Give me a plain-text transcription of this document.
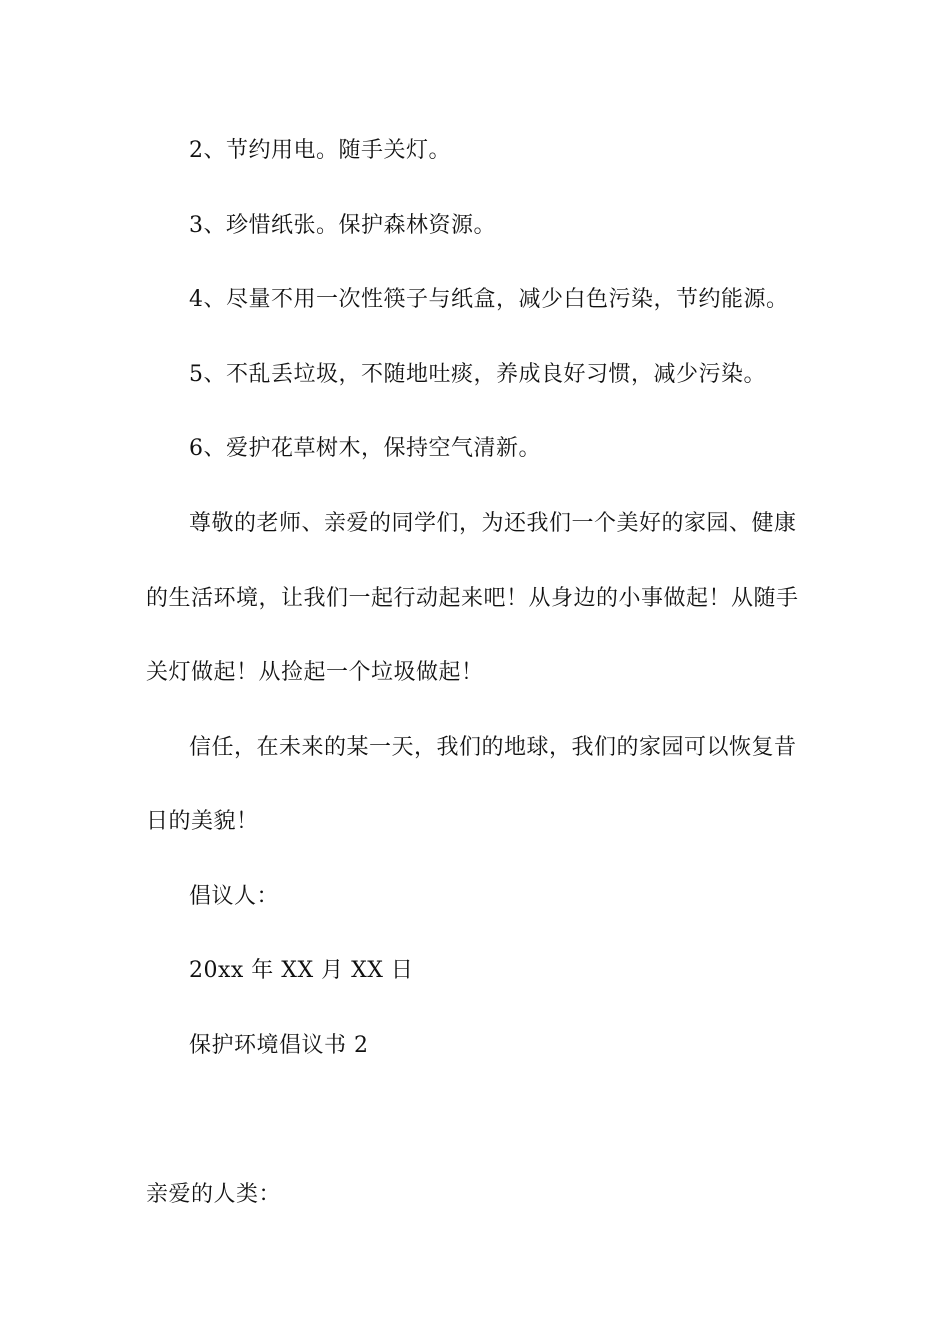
2、节约用电。随手关灯。
3、珍惜纸张。保护森林资源。
4、尽量不用一次性筷子与纸盒，减少白色污染，节约能源。
5、不乱丢垃圾，不随地吐痰，养成良好习惯，减少污染。
6、爱护花草树木，保持空气清新。
尊敬的老师、亲爱的同学们，为还我们一个美好的家园、健康
的生活环境，让我们一起行动起来吧！从身边的小事做起！从随手
关灯做起！从捡起一个垃圾做起！
信任，在未来的某一天，我们的地球，我们的家园可以恢复昔
日的美貌！
倡议人：
20xx 年 XX 月 XX 日
保护环境倡议书 2
亲爱的人类：
